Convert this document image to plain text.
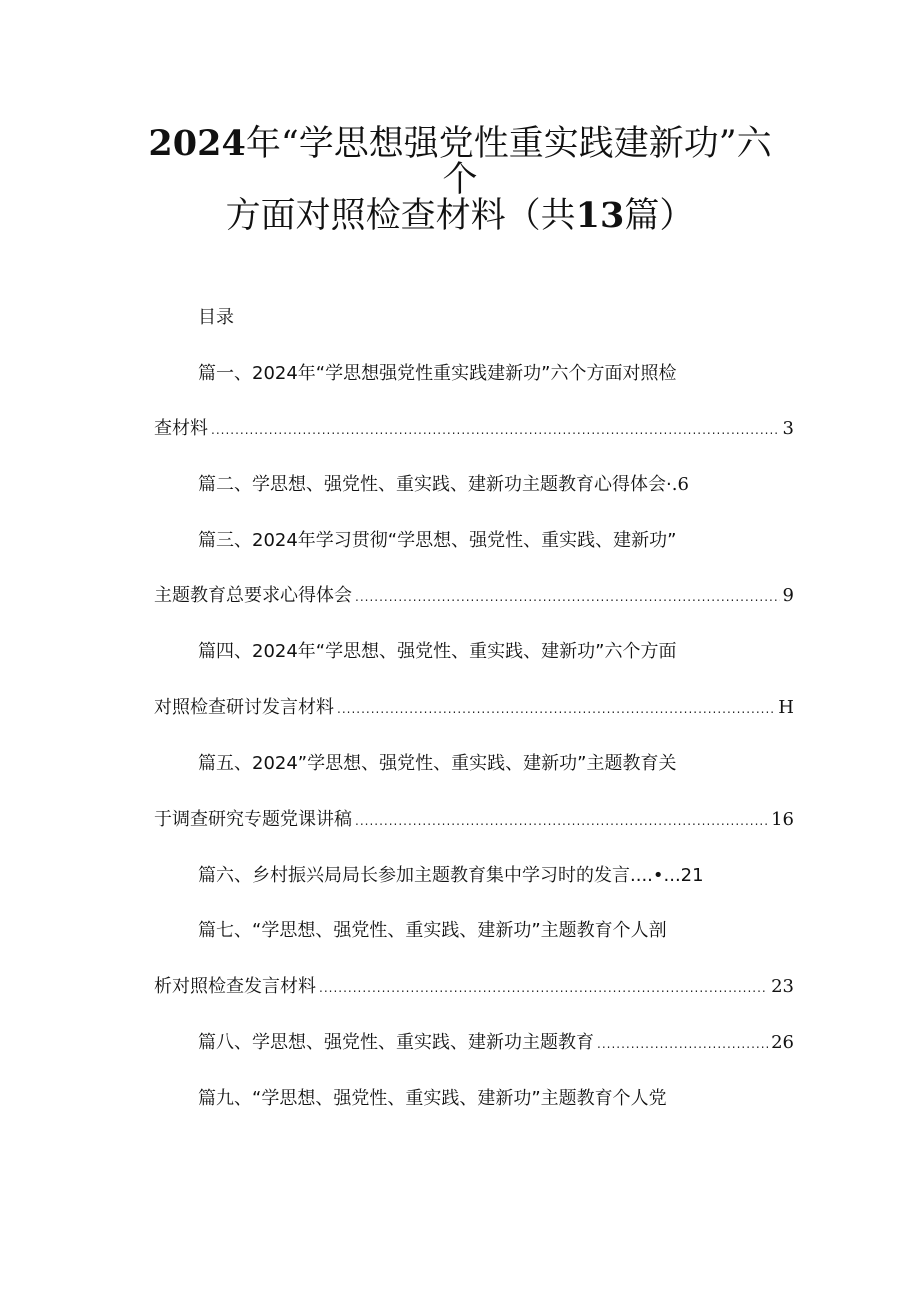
2024年“学思想强党性重实践建新功”六
个
方面对照检查材料（共13篇）
目录
篇一、2024年“学思想强党性重实践建新功”六个方面对照检
查材料 .....	3
篇二、学思想、强党性、重实践、建新功主题教育心得体会· .6
篇三、2024年学习贯彻“学思想、强党性、重实践、建新功”
主题教育总要求心得体会 .....	9
篇四、2024年“学思想、强党性、重实践、建新功”六个方面
对照检查研讨发言材料 .....	H
篇五、2024”学思想、强党性、重实践、建新功”主题教育关
于调查研究专题党课讲稿 .....	16
篇六、乡村振兴局局长参加主题教育集中学习时的发言....•...21
篇七、“学思想、强党性、重实践、建新功”主题教育个人剖
析对照检查发言材料 .....	23
篇八、学思想、强党性、重实践、建新功主题教育 .....	26
篇九、“学思想、强党性、重实践、建新功”主题教育个人党
